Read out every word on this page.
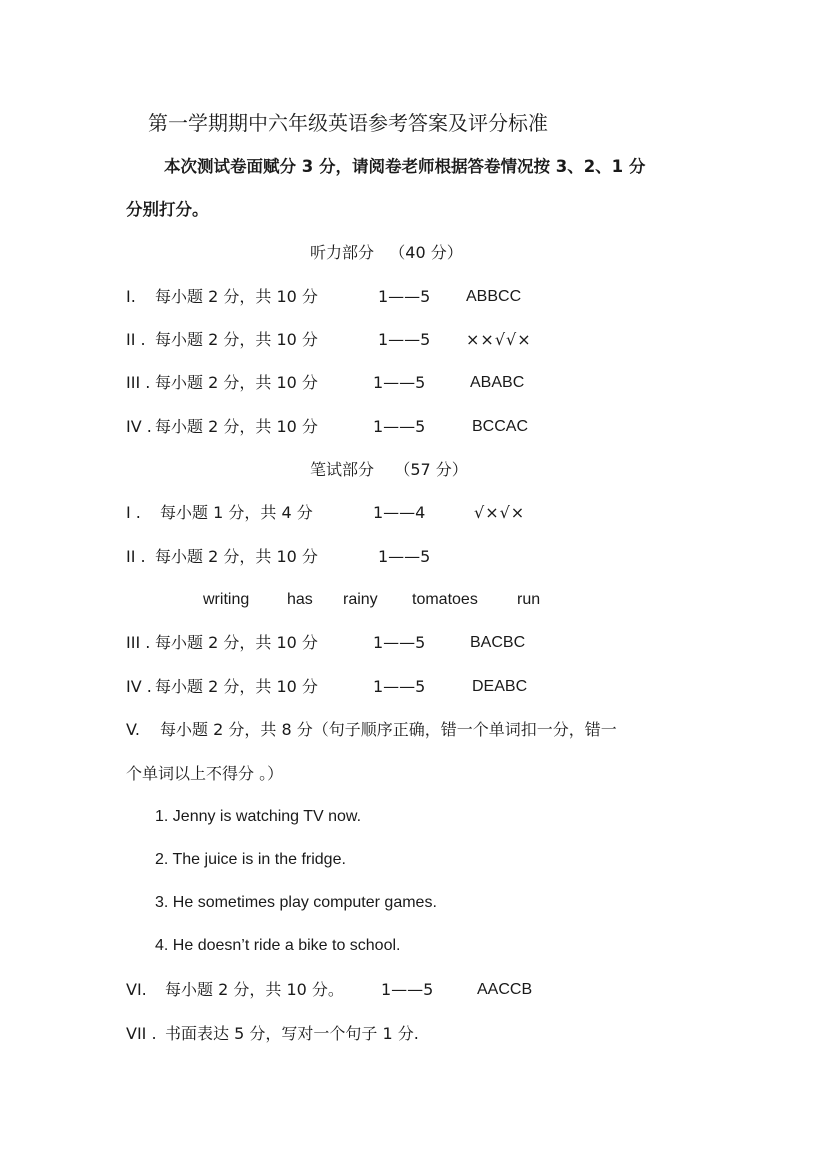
第一学期期中六年级英语参考答案及评分标准
本次测试卷面赋分 3 分，请阅卷老师根据答卷情况按 3、2、1 分
分别打分。
听力部分   （40 分）
I. 每小题 2 分，共 10 分	1——5 ABBCC
II . 每小题 2 分，共 10 分	1——5 ××√√×
III . 每小题 2 分，共 10 分	1——5	ABABC
IV . 每小题 2 分，共 10 分	1——5	BCCAC
笔试部分    （57 分）
I . 每小题 1 分，共 4 分	1——4	√×√×
II . 每小题 2 分，共 10 分	1——5
writing has rainy tomatoes run
III . 每小题 2 分，共 10 分	1——5	BACBC
IV . 每小题 2 分，共 10 分	1——5	DEABC
V. 每小题 2 分，共 8 分（句子顺序正确，错一个单词扣一分，错一
个单词以上不得分 。）
1. Jenny is watching TV now.
2. The juice is in the fridge.
3. He sometimes play computer games.
4. He doesn’t ride a bike to school.
VI. 每小题 2 分，共 10 分。 1——5	AACCB
VII . 书面表达 5 分，写对一个句子 1 分.
